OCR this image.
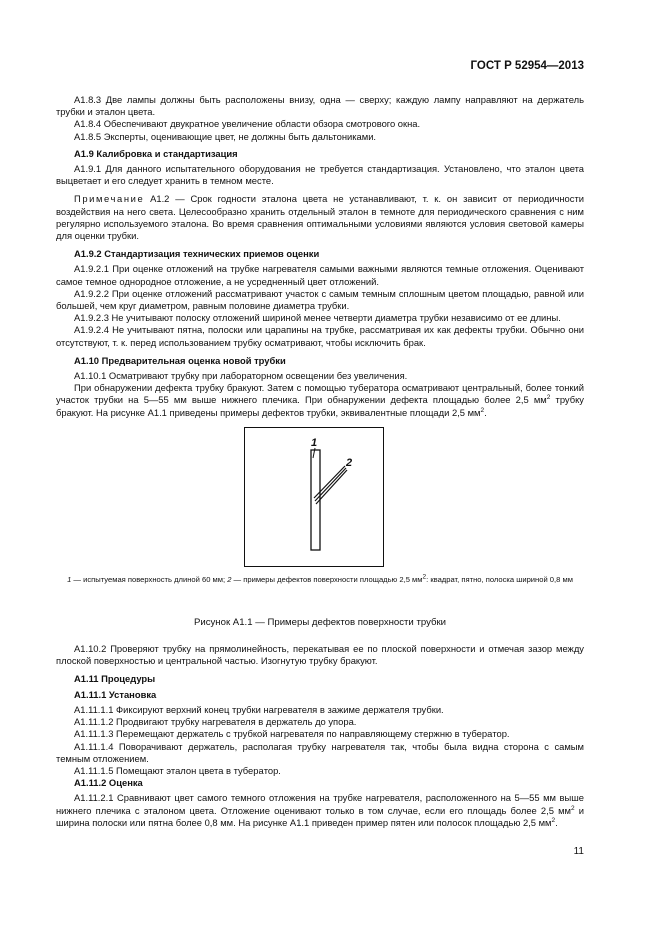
ГОСТ Р 52954—2013

А1.8.3 Две лампы должны быть расположены внизу, одна — сверху; каждую лампу направляют на держатель трубки и эталон цвета.

А1.8.4 Обеспечивают двукратное увеличение области обзора смотрового окна.

А1.8.5 Эксперты, оценивающие цвет, не должны быть дальтониками.

А1.9 Калибровка и стандартизация

А1.9.1 Для данного испытательного оборудования не требуется стандартизация. Установлено, что эталон цвета выцветает и его следует хранить в темном месте.

Примечание А1.2 — Срок годности эталона цвета не устанавливают, т. к. он зависит от периодичности воздействия на него света. Целесообразно хранить отдельный эталон в темноте для периодического сравнения с ним регулярно используемого эталона. Во время сравнения оптимальными условиями являются условия световой камеры для оценки трубки.

А1.9.2 Стандартизация технических приемов оценки

А1.9.2.1 При оценке отложений на трубке нагревателя самыми важными являются темные отложения. Оценивают самое темное однородное отложение, а не усредненный цвет отложений.

А1.9.2.2 При оценке отложений рассматривают участок с самым темным сплошным цветом площадью, равной или большей, чем круг диаметром, равным половине диаметра трубки.

А1.9.2.3 Не учитывают полоску отложений шириной менее четверти диаметра трубки независимо от ее длины.

А1.9.2.4 Не учитывают пятна, полоски или царапины на трубке, рассматривая их как дефекты трубки. Обычно они отсутствуют, т. к. перед использованием трубку осматривают, чтобы исключить брак.

А1.10 Предварительная оценка новой трубки

А1.10.1 Осматривают трубку при лабораторном освещении без увеличения.

При обнаружении дефекта трубку бракуют. Затем с помощью туберaтора осматривают центральный, более тонкий участок трубки на 5—55 мм выше нижнего плечика. При обнаружении дефекта площадью более 2,5 $мм^2$ трубку бракуют. На рисунке А1.1 приведены примеры дефектов трубки, эквивалентные площади 2,5 $мм^2$.

1
2

1 — испытуемая поверхность длиной 60 мм; 2 — примеры дефектов поверхности площадью 2,5 $мм^2$: квадрат, пятно, полоска шириной 0,8 мм

Рисунок А1.1 — Примеры дефектов поверхности трубки

А1.10.2 Проверяют трубку на прямолинейность, перекатывая ее по плоской поверхности и отмечая зазор между плоской поверхностью и центральной частью. Изогнутую трубку бракуют.

А1.11 Процедуры

А1.11.1 Установка

А1.11.1.1 Фиксируют верхний конец трубки нагревателя в зажиме держателя трубки.

А1.11.1.2 Продвигают трубку нагревателя в держатель до упора.

А1.11.1.3 Перемещают держатель с трубкой нагревателя по направляющему стержню в туберaтор.

А1.11.1.4 Поворачивают держатель, располагая трубку нагревателя так, чтобы была видна сторона с самым темным отложением.

А1.11.1.5 Помещают эталон цвета в туберaтор.

А1.11.2 Оценка

А1.11.2.1 Сравнивают цвет самого темного отложения на трубке нагревателя, расположенного на 5—55 мм выше нижнего плечика с эталоном цвета. Отложение оценивают только в том случае, если его площадь более 2,5 $мм^2$ и ширина полоски или пятна более 0,8 мм. На рисунке А1.1 приведен пример пятен или полосок площадью 2,5 $мм^2$.

11
